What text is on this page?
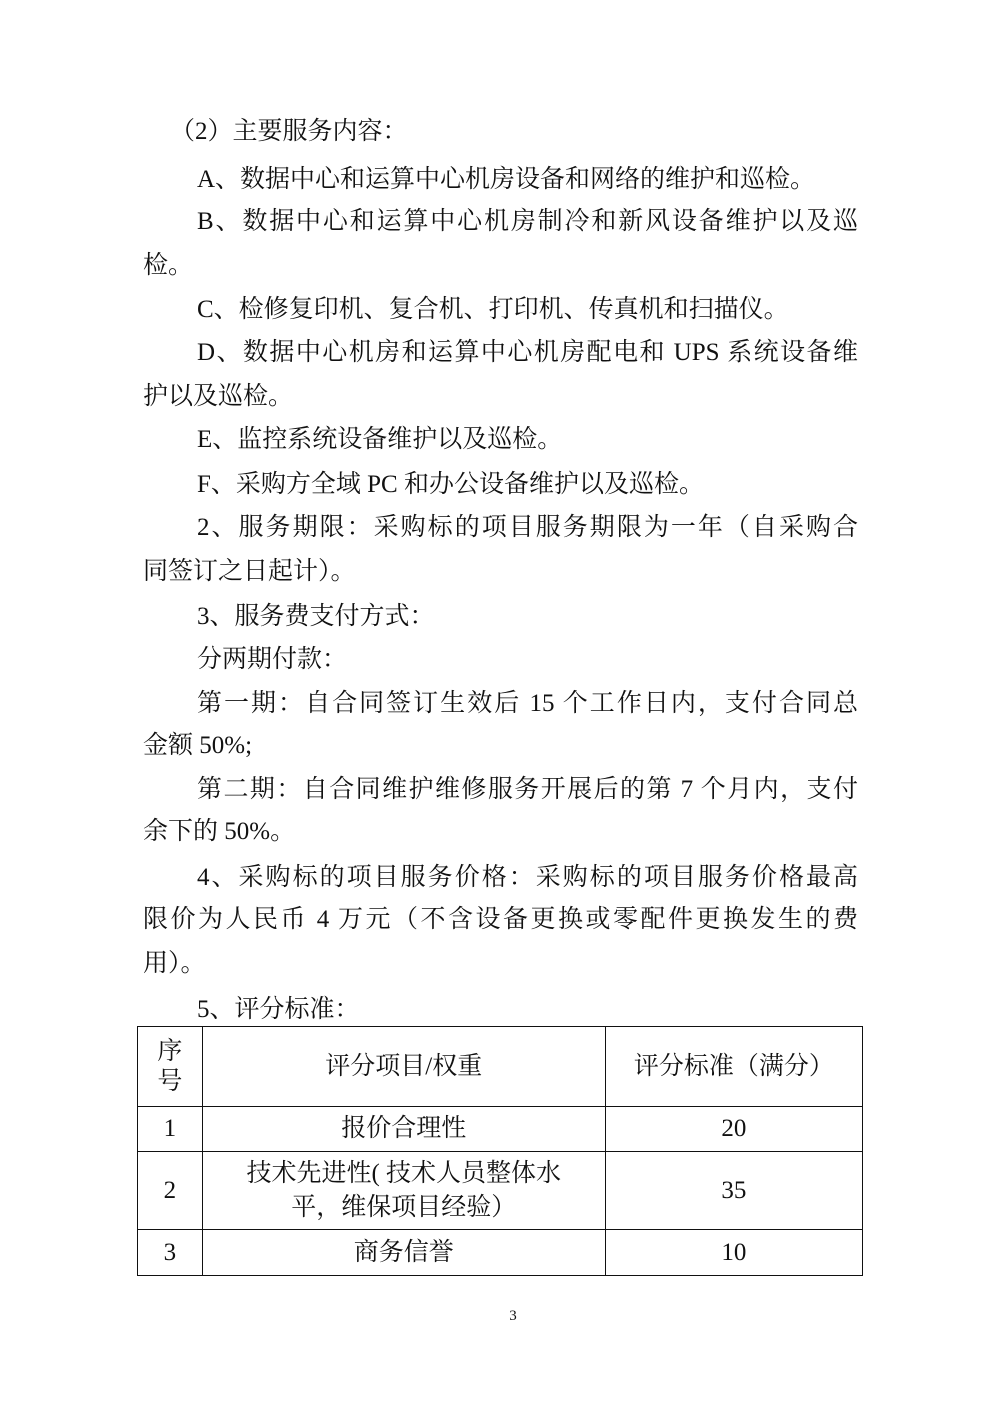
（2）主要服务内容：
A、数据中心和运算中心机房设备和网络的维护和巡检。
B、数据中心和运算中心机房制冷和新风设备维护以及巡
检。
C、检修复印机、复合机、打印机、传真机和扫描仪。
D、数据中心机房和运算中心机房配电和 UPS 系统设备维
护以及巡检。
E、监控系统设备维护以及巡检。
F、采购方全域 PC 和办公设备维护以及巡检。
2、服务期限：采购标的项目服务期限为一年（自采购合
同签订之日起计）。
3、服务费支付方式：
分两期付款：
第一期：自合同签订生效后 15 个工作日内，支付合同总
金额 50%;
第二期：自合同维护维修服务开展后的第 7 个月内，支付
余下的 50%。
4、采购标的项目服务价格：采购标的项目服务价格最高
限价为人民币 4 万元（不含设备更换或零配件更换发生的费
用）。
5、评分标准：
序号	评分项目/权重	评分标准（满分）
1	报价合理性	20
2	技术先进性( 技术人员整体水平，维保项目经验）	35
3	商务信誉	10
3
